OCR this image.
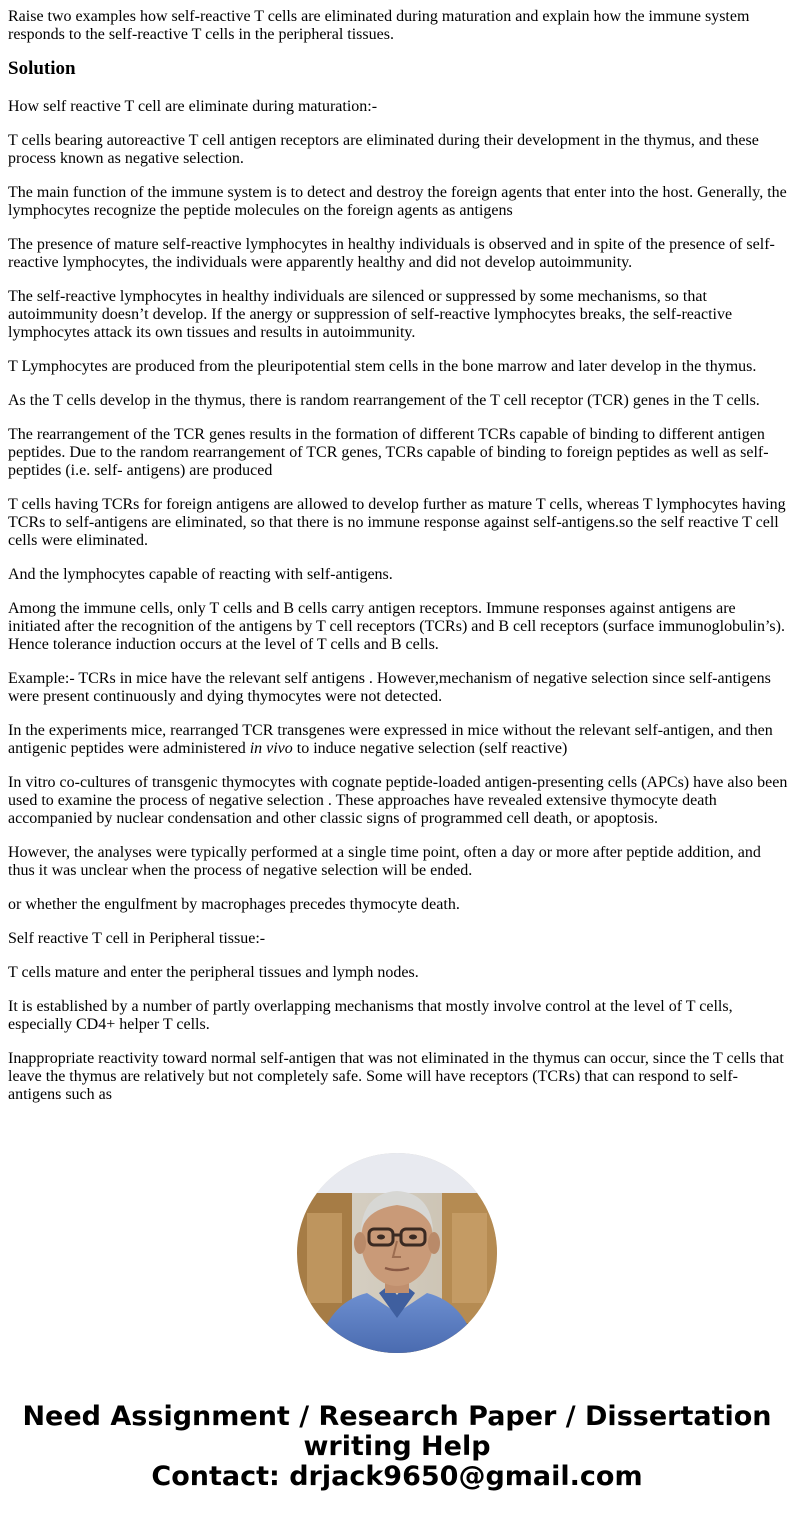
Raise two examples how self-reactive T cells are eliminated during maturation and explain how the immune system responds to the self-reactive T cells in the peripheral tissues.

Solution

How self reactive T cell are eliminate during maturation:-

T cells bearing autoreactive T cell antigen receptors are eliminated during their development in the thymus, and these process known as negative selection.

The main function of the immune system is to detect and destroy the foreign agents that enter into the host. Generally, the lymphocytes recognize the peptide molecules on the foreign agents as antigens

The presence of mature self-reactive lymphocytes in healthy individuals is observed and in spite of the presence of self-reactive lymphocytes, the individuals were apparently healthy and did not develop autoimmunity.

The self-reactive lymphocytes in healthy individuals are silenced or suppressed by some mechanisms, so that autoimmunity doesn’t develop. If the anergy or suppression of self-reactive lymphocytes breaks, the self-reactive lymphocytes attack its own tissues and results in autoimmunity.

T Lymphocytes are produced from the pleuripotential stem cells in the bone marrow and later develop in the thymus.

As the T cells develop in the thymus, there is random rearrangement of the T cell receptor (TCR) genes in the T cells.

The rearrangement of the TCR genes results in the formation of different TCRs capable of binding to different antigen peptides. Due to the random rearrangement of TCR genes, TCRs capable of binding to foreign peptides as well as self-peptides (i.e. self- antigens) are produced

T cells having TCRs for foreign antigens are allowed to develop further as mature T cells, whereas T lymphocytes having TCRs to self-antigens are eliminated, so that there is no immune response against self-antigens.so the self reactive T cell cells were eliminated.

And the lymphocytes capable of reacting with self-antigens.

Among the immune cells, only T cells and B cells carry antigen receptors. Immune responses against antigens are initiated after the recognition of the antigens by T cell receptors (TCRs) and B cell receptors (surface immunoglobulin’s). Hence tolerance induction occurs at the level of T cells and B cells.

Example:- TCRs in mice have the relevant self antigens . However,mechanism of negative selection since self-antigens were present continuously and dying thymocytes were not detected.

In the experiments mice, rearranged TCR transgenes were expressed in mice without the relevant self-antigen, and then antigenic peptides were administered in vivo to induce negative selection (self reactive)

In vitro co-cultures of transgenic thymocytes with cognate peptide-loaded antigen-presenting cells (APCs) have also been used to examine the process of negative selection . These approaches have revealed extensive thymocyte death accompanied by nuclear condensation and other classic signs of programmed cell death, or apoptosis.

However, the analyses were typically performed at a single time point, often a day or more after peptide addition, and thus it was unclear when the process of negative selection will be ended.

or whether the engulfment by macrophages precedes thymocyte death.

Self reactive T cell in Peripheral tissue:-

T cells mature and enter the peripheral tissues and lymph nodes.

It is established by a number of partly overlapping mechanisms that mostly involve control at the level of T cells, especially CD4+ helper T cells.

Inappropriate reactivity toward normal self-antigen that was not eliminated in the thymus can occur, since the T cells that leave the thymus are relatively but not completely safe. Some will have receptors (TCRs) that can respond to self-antigens such as

Need Assignment / Research Paper / Dissertation
writing Help
Contact: drjack9650@gmail.com
